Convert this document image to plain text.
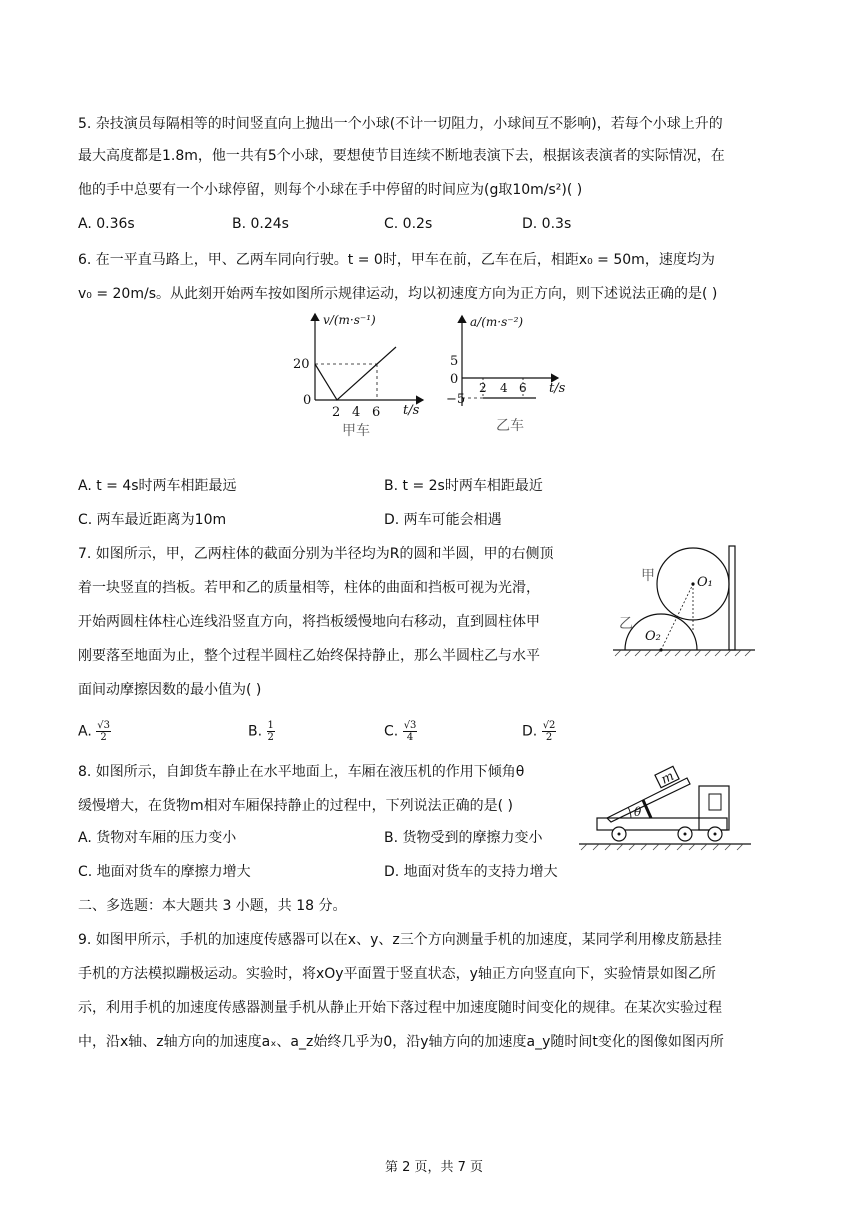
5. 杂技演员每隔相等的时间竖直向上抛出一个小球(不计一切阻力，小球间互不影响)，若每个小球上升的
最大高度都是1.8m，他一共有5个小球，要想使节目连续不断地表演下去，根据该表演者的实际情况，在
他的手中总要有一个小球停留，则每个小球在手中停留的时间应为(g取10m/s²)( )
A. 0.36s	B. 0.24s	C. 0.2s	D. 0.3s
6. 在一平直马路上，甲、乙两车同向行驶。t = 0时，甲车在前，乙车在后，相距x₀ = 50m，速度均为
v₀ = 20m/s。从此刻开始两车按如图所示规律运动，均以初速度方向为正方向，则下述说法正确的是( )
v/(m·s⁻¹)
20
0
2 4 6 t/s
甲车
a/(m·s⁻²)
5
0
−5
2 4 6 t/s
乙车
A. t = 4s时两车相距最远	B. t = 2s时两车相距最近
C. 两车最近距离为10m	D. 两车可能会相遇
7. 如图所示，甲，乙两柱体的截面分别为半径均为R的圆和半圆，甲的右侧顶
着一块竖直的挡板。若甲和乙的质量相等，柱体的曲面和挡板可视为光滑，
开始两圆柱体柱心连线沿竖直方向，将挡板缓慢地向右移动，直到圆柱体甲
刚要落至地面为止，整个过程半圆柱乙始终保持静止，那么半圆柱乙与水平
面间动摩擦因数的最小值为( )
甲
乙
O₁
O₂
A. $\frac{√3}{2}$	B. $\frac{1}{2}$	C. $\frac{√3}{4}$	D. $\frac{√2}{2}$
8. 如图所示，自卸货车静止在水平地面上，车厢在液压机的作用下倾角θ
缓慢增大，在货物m相对车厢保持静止的过程中，下列说法正确的是( )
m
θ
A. 货物对车厢的压力变小	B. 货物受到的摩擦力变小
C. 地面对货车的摩擦力增大	D. 地面对货车的支持力增大
二、多选题：本大题共 3 小题，共 18 分。
9. 如图甲所示，手机的加速度传感器可以在x、y、z三个方向测量手机的加速度，某同学利用橡皮筋悬挂
手机的方法模拟蹦极运动。实验时，将xOy平面置于竖直状态，y轴正方向竖直向下，实验情景如图乙所
示，利用手机的加速度传感器测量手机从静止开始下落过程中加速度随时间变化的规律。在某次实验过程
中，沿x轴、z轴方向的加速度aₓ、a_z始终几乎为0，沿y轴方向的加速度a_y随时间t变化的图像如图丙所
第 2 页，共 7 页
